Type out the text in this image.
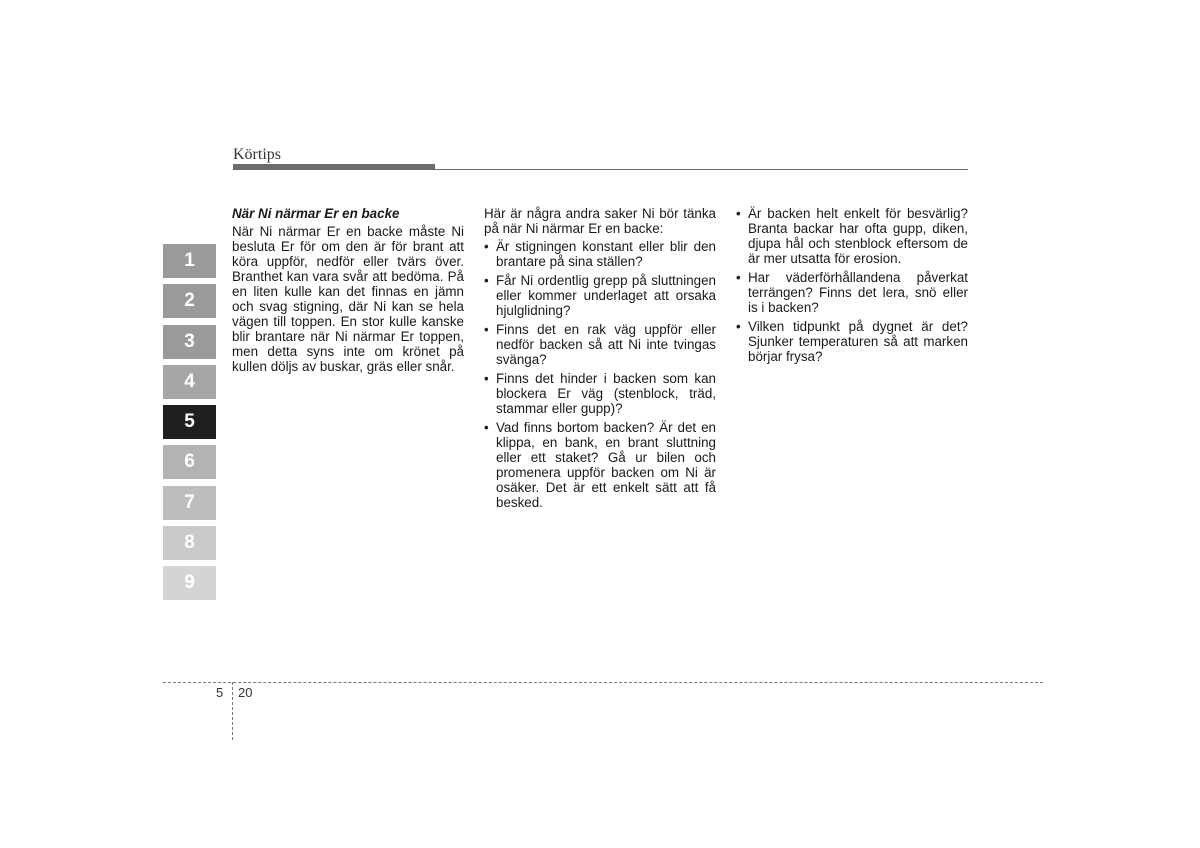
Körtips
1
2
3
4
5
6
7
8
9
När Ni närmar Er en backe
När Ni närmar Er en backe måste Ni besluta Er för om den är för brant att köra uppför, nedför eller tvärs över. Branthet kan vara svår att bedöma. På en liten kulle kan det finnas en jämn och svag stigning, där Ni kan se hela vägen till toppen. En stor kulle kanske blir brantare när Ni närmar Er toppen, men detta syns inte om krönet på kullen döljs av buskar, gräs eller snår.
Här är några andra saker Ni bör tänka på när Ni närmar Er en backe:
• Är stigningen konstant eller blir den brantare på sina ställen?
• Får Ni ordentlig grepp på sluttningen eller kommer underlaget att orsaka hjulglidning?
• Finns det en rak väg uppför eller nedför backen så att Ni inte tvingas svänga?
• Finns det hinder i backen som kan blockera Er väg (stenblock, träd, stammar eller gupp)?
• Vad finns bortom backen? Är det en klippa, en bank, en brant sluttning eller ett staket? Gå ur bilen och promenera uppför backen om Ni är osäker. Det är ett enkelt sätt att få besked.
• Är backen helt enkelt för besvärlig? Branta backar har ofta gupp, diken, djupa hål och stenblock eftersom de är mer utsatta för erosion.
• Har väderförhållandena påverkat terrängen? Finns det lera, snö eller is i backen?
• Vilken tidpunkt på dygnet är det? Sjunker temperaturen så att marken börjar frysa?
5 20
